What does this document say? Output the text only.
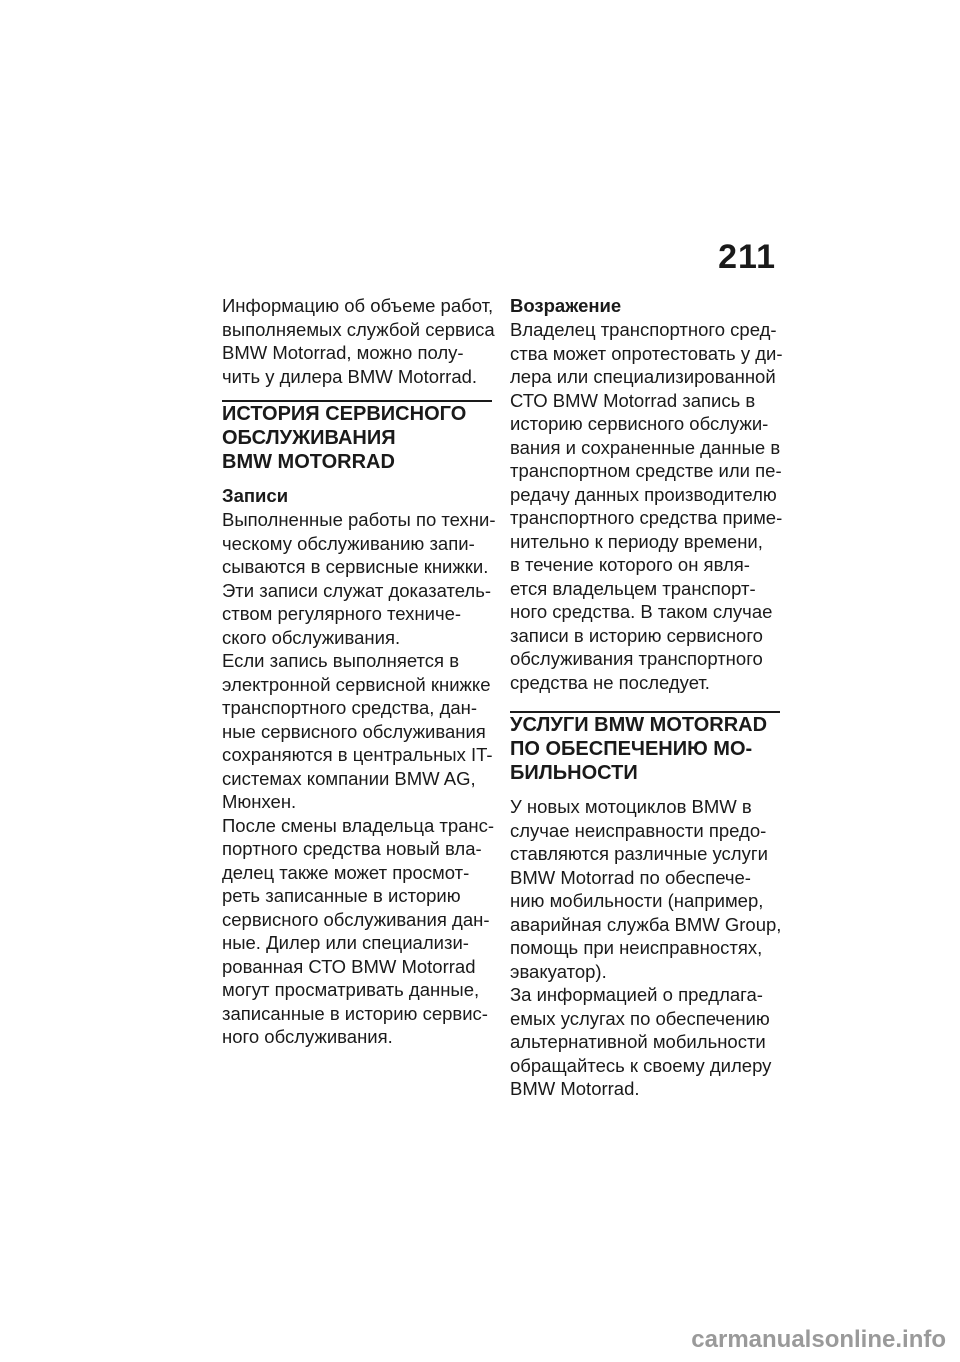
211

Информацию об объеме работ,
выполняемых службой сервиса
BMW Motorrad, можно полу-
чить у дилера BMW Motorrad.

ИСТОРИЯ СЕРВИСНОГО
ОБСЛУЖИВАНИЯ
BMW MOTORRAD
Записи

Выполненные работы по техни-
ческому обслуживанию запи-
сываются в сервисные книжки.
Эти записи служат доказатель-
ством регулярного техниче-
ского обслуживания.

Если запись выполняется в
электронной сервисной книжке
транспортного средства, дан-
ные сервисного обслуживания
сохраняются в центральных IT-
системах компании BMW AG,
Мюнхен.

После смены владельца транс-
портного средства новый вла-
делец также может просмот-
реть записанные в историю
сервисного обслуживания дан-
ные. Дилер или специализи-
рованная СТО BMW Motorrad
могут просматривать данные,
записанные в историю сервис-
ного обслуживания.

Возражение

Владелец транспортного сред-
ства может опротестовать у ди-
лера или специализированной
СТО BMW Motorrad запись в
историю сервисного обслужи-
вания и сохраненные данные в
транспортном средстве или пе-
редачу данных производителю
транспортного средства приме-
нительно к периоду времени,
в течение которого он явля-
ется владельцем транспорт-
ного средства. В таком случае
записи в историю сервисного
обслуживания транспортного
средства не последует.

УСЛУГИ BMW MOTORRAD
ПО ОБЕСПЕЧЕНИЮ МО-
БИЛЬНОСТИ

У новых мотоциклов BMW в
случае неисправности предо-
ставляются различные услуги
BMW Motorrad по обеспече-
нию мобильности (например,
аварийная служба BMW Group,
помощь при неисправностях,
эвакуатор).

За информацией о предлага-
емых услугах по обеспечению
альтернативной мобильности
обращайтесь к своему дилеру
BMW Motorrad.

carmanualsonline.info
